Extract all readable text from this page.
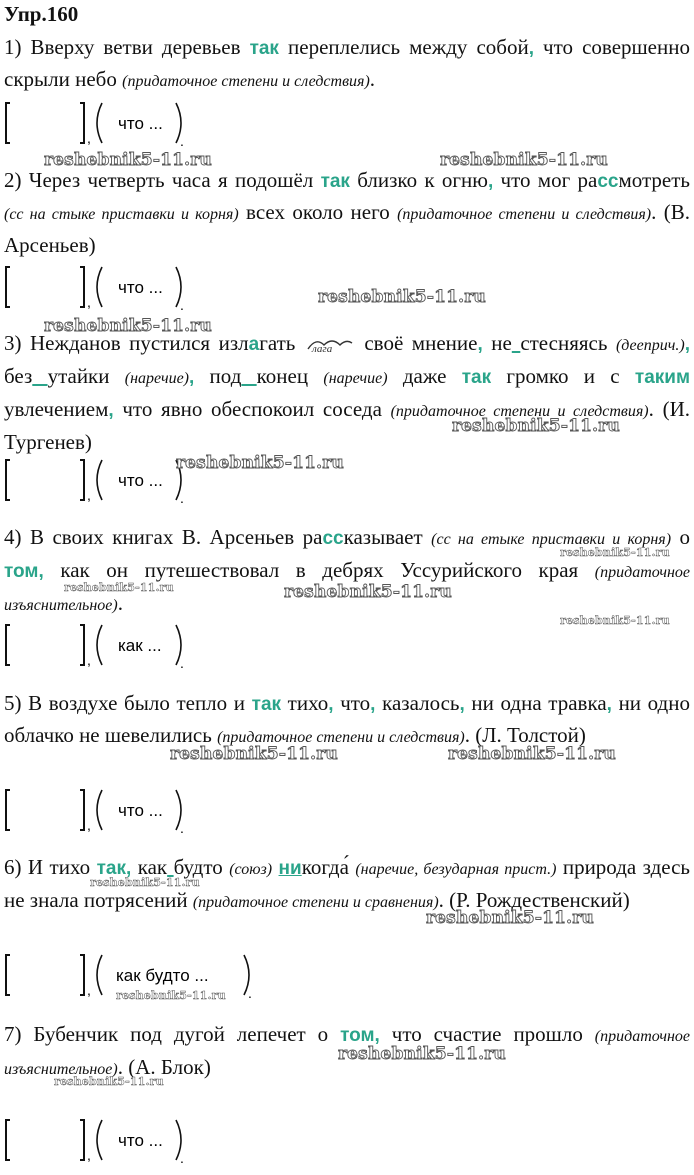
Упр.160

1) Вверху ветви деревьев так переплелись между собой, что совершенно скрыли небо (придаточное степени и следствия).

2) Через четверть часа я подошёл так близко к огню, что мог рассмотреть (сс на стыке приставки и корня) всех около него (придаточное степени и следствия). (В. Арсеньев)

3) Нежданов пустился излагать лага своё мнение, не стесняясь (дееприч.), без утайки (наречие), под конец (наречие) даже так громко и с таким увлечением, что явно обеспокоил соседа (придаточное степени и следствия). (И. Тургенев)

4) В своих книгах В. Арсеньев рассказывает (сс на етыке приставки и корня) о том, как он путешествовал в дебрях Уссурийского края (придаточное изъяснительное).

5) В воздухе было тепло и так тихо, что, казалось, ни одна травка, ни одно облачко не шевелились (придаточное степени и следствия). (Л. Толстой)

6) И тихо так, как будто (союз) никогда́ (наречие, безударная прист.) природа здесь не знала потрясений (придаточное степени и сравнения). (Р. Рождественский)

7) Бубенчик под дугой лепечет о том, что счастие прошло (придаточное изъяснительное). (А. Блок)

,
что ...
.
,
что ...
.
,
что ...
.
,
как ...
.
,
что ...
.
,
как будто ...
.
,
что ...
.
reshebnik5-11.ru	reshebnik5-11.ru
reshebnik5-11.ru
reshebnik5-11.ru
reshebnik5-11.ru
reshebnik5-11.ru
reshebnik5-11.ru
reshebnik5-11.ru	reshebnik5-11.ru
reshebnik5-11.ru
reshebnik5-11.ru	reshebnik5-11.ru
reshebnik5-11.ru
reshebnik5-11.ru
reshebnik5-11.ru
reshebnik5-11.ru
reshebnik5-11.ru
